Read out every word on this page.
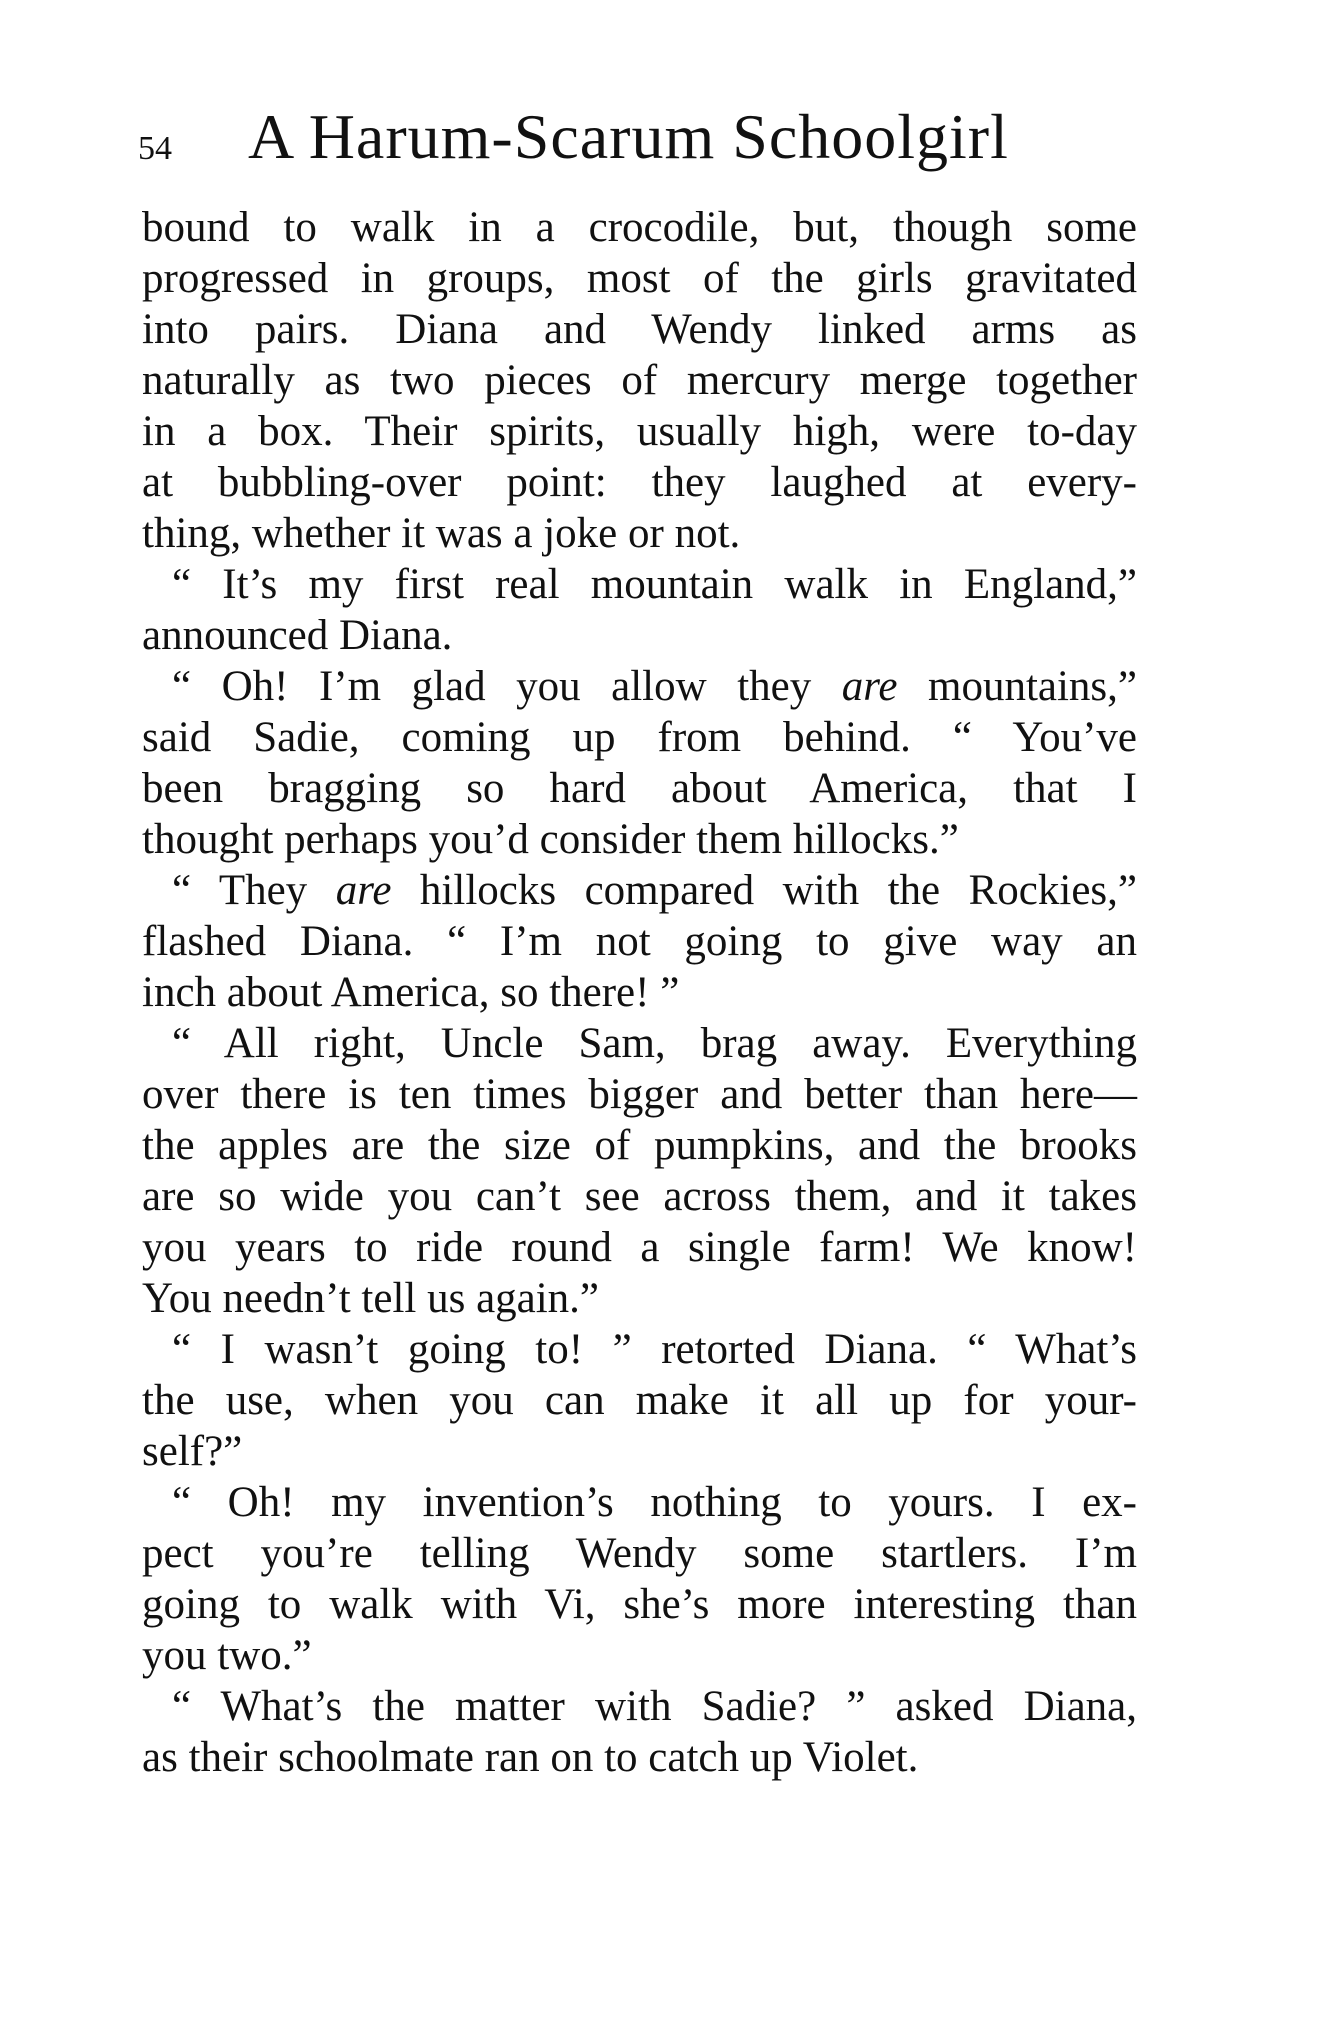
54 A Harum-Scarum Schoolgirl
bound to walk in a crocodile, but, though some
progressed in groups, most of the girls gravitated
into pairs. Diana and Wendy linked arms as
naturally as two pieces of mercury merge together
in a box. Their spirits, usually high, were to-day
at bubbling-over point: they laughed at every-
thing, whether it was a joke or not.
“ It’s my first real mountain walk in England,”
announced Diana.
“ Oh! I’m glad you allow they are mountains,”
said Sadie, coming up from behind. “ You’ve
been bragging so hard about America, that I
thought perhaps you’d consider them hillocks.”
“ They are hillocks compared with the Rockies,”
flashed Diana. “ I’m not going to give way an
inch about America, so there! ”
“ All right, Uncle Sam, brag away. Everything
over there is ten times bigger and better than here—
the apples are the size of pumpkins, and the brooks
are so wide you can’t see across them, and it takes
you years to ride round a single farm! We know!
You needn’t tell us again.”
“ I wasn’t going to! ” retorted Diana. “ What’s
the use, when you can make it all up for your-
self?”
“ Oh! my invention’s nothing to yours. I ex-
pect you’re telling Wendy some startlers. I’m
going to walk with Vi, she’s more interesting than
you two.”
“ What’s the matter with Sadie? ” asked Diana,
as their schoolmate ran on to catch up Violet.
